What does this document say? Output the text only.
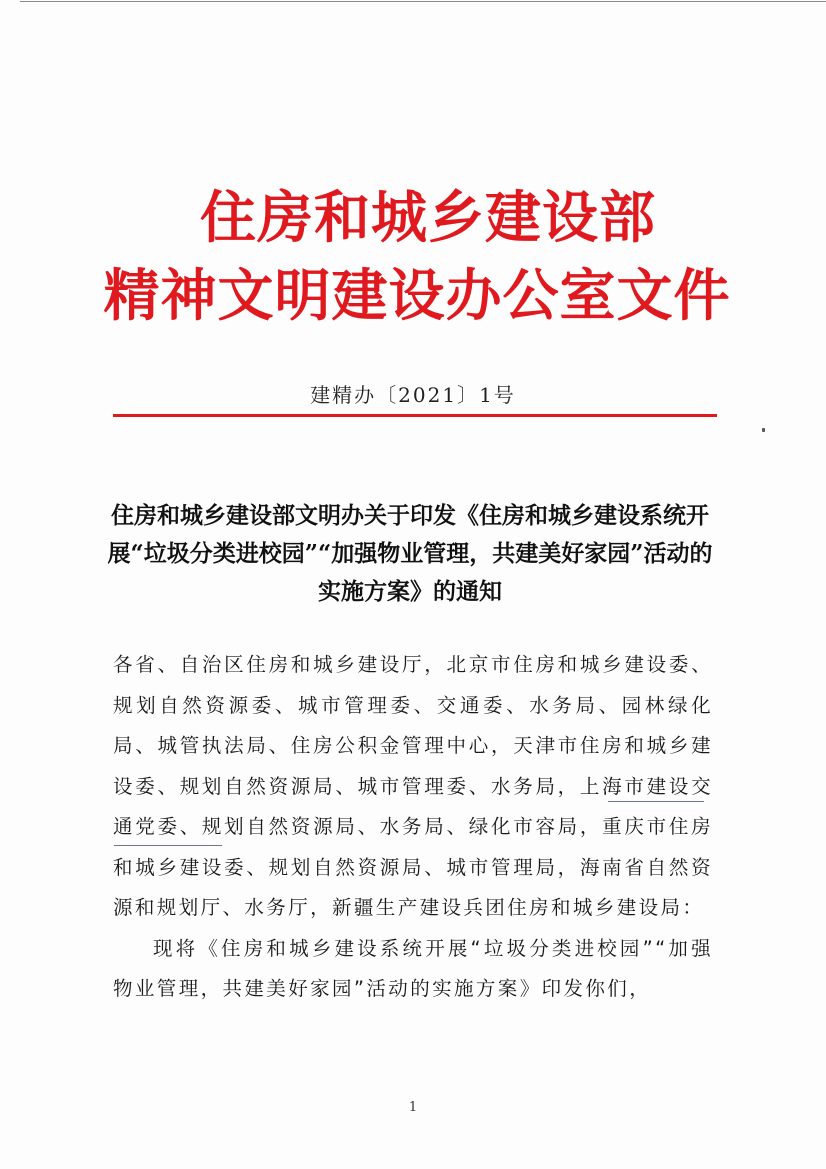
住房和城乡建设部
精神文明建设办公室文件
建精办〔2021〕1号
住房和城乡建设部文明办关于印发《住房和城乡建设系统开展“垃圾分类进校园”“加强物业管理，共建美好家园”活动的实施方案》的通知

各省、自治区住房和城乡建设厅，北京市住房和城乡建设委、规划自然资源委、城市管理委、交通委、水务局、园林绿化局、城管执法局、住房公积金管理中心，天津市住房和城乡建设委、规划自然资源局、城市管理委、水务局，上海市建设交通党委、规划自然资源局、水务局、绿化市容局，重庆市住房和城乡建设委、规划自然资源局、城市管理局，海南省自然资源和规划厅、水务厅，新疆生产建设兵团住房和城乡建设局：

现将《住房和城乡建设系统开展“垃圾分类进校园”“加强物业管理，共建美好家园”活动的实施方案》印发你们，

1
